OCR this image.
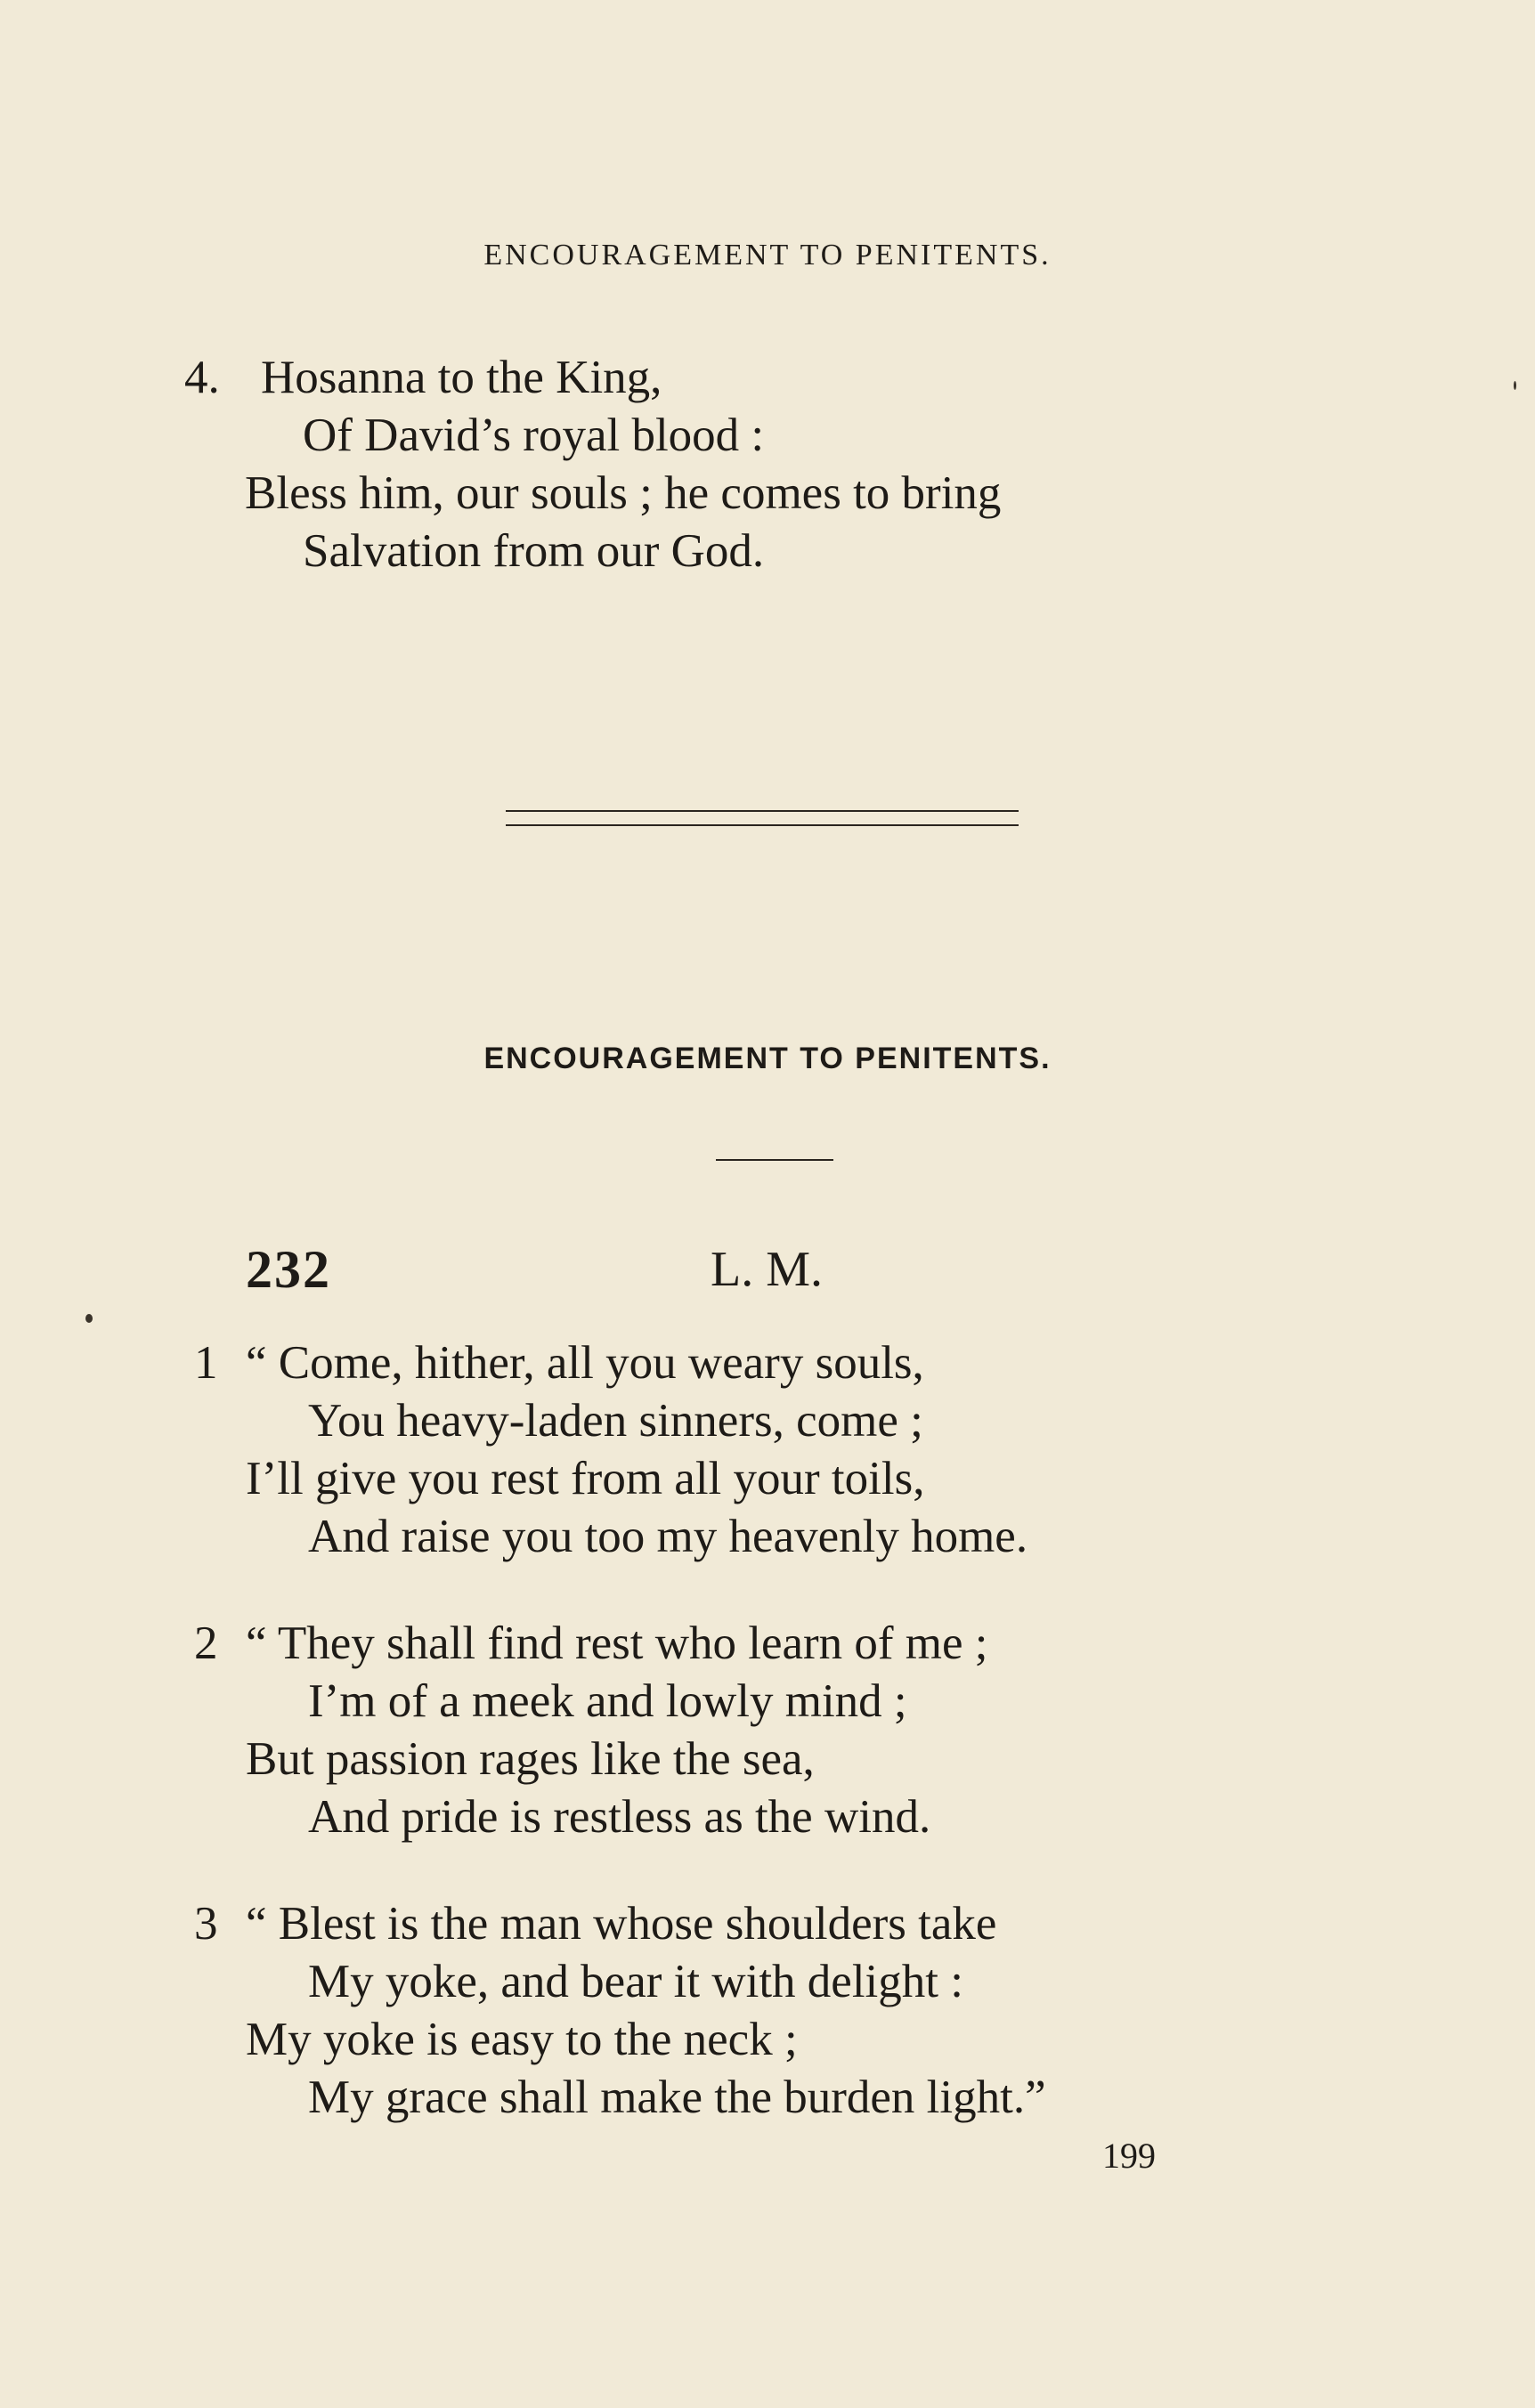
ENCOURAGEMENT TO PENITENTS.
4. Hosanna to the King,
Of David’s royal blood :
Bless him, our souls ; he comes to bring
Salvation from our God.
ENCOURAGEMENT TO PENITENTS.
232	L. M.
1 “ Come, hither, all you weary souls,
You heavy-laden sinners, come ;
I’ll give you rest from all your toils,
And raise you too my heavenly home.
2 “ They shall find rest who learn of me ;
I’m of a meek and lowly mind ;
But passion rages like the sea,
And pride is restless as the wind.
3 “ Blest is the man whose shoulders take
My yoke, and bear it with delight :
My yoke is easy to the neck ;
My grace shall make the burden light.”
199
